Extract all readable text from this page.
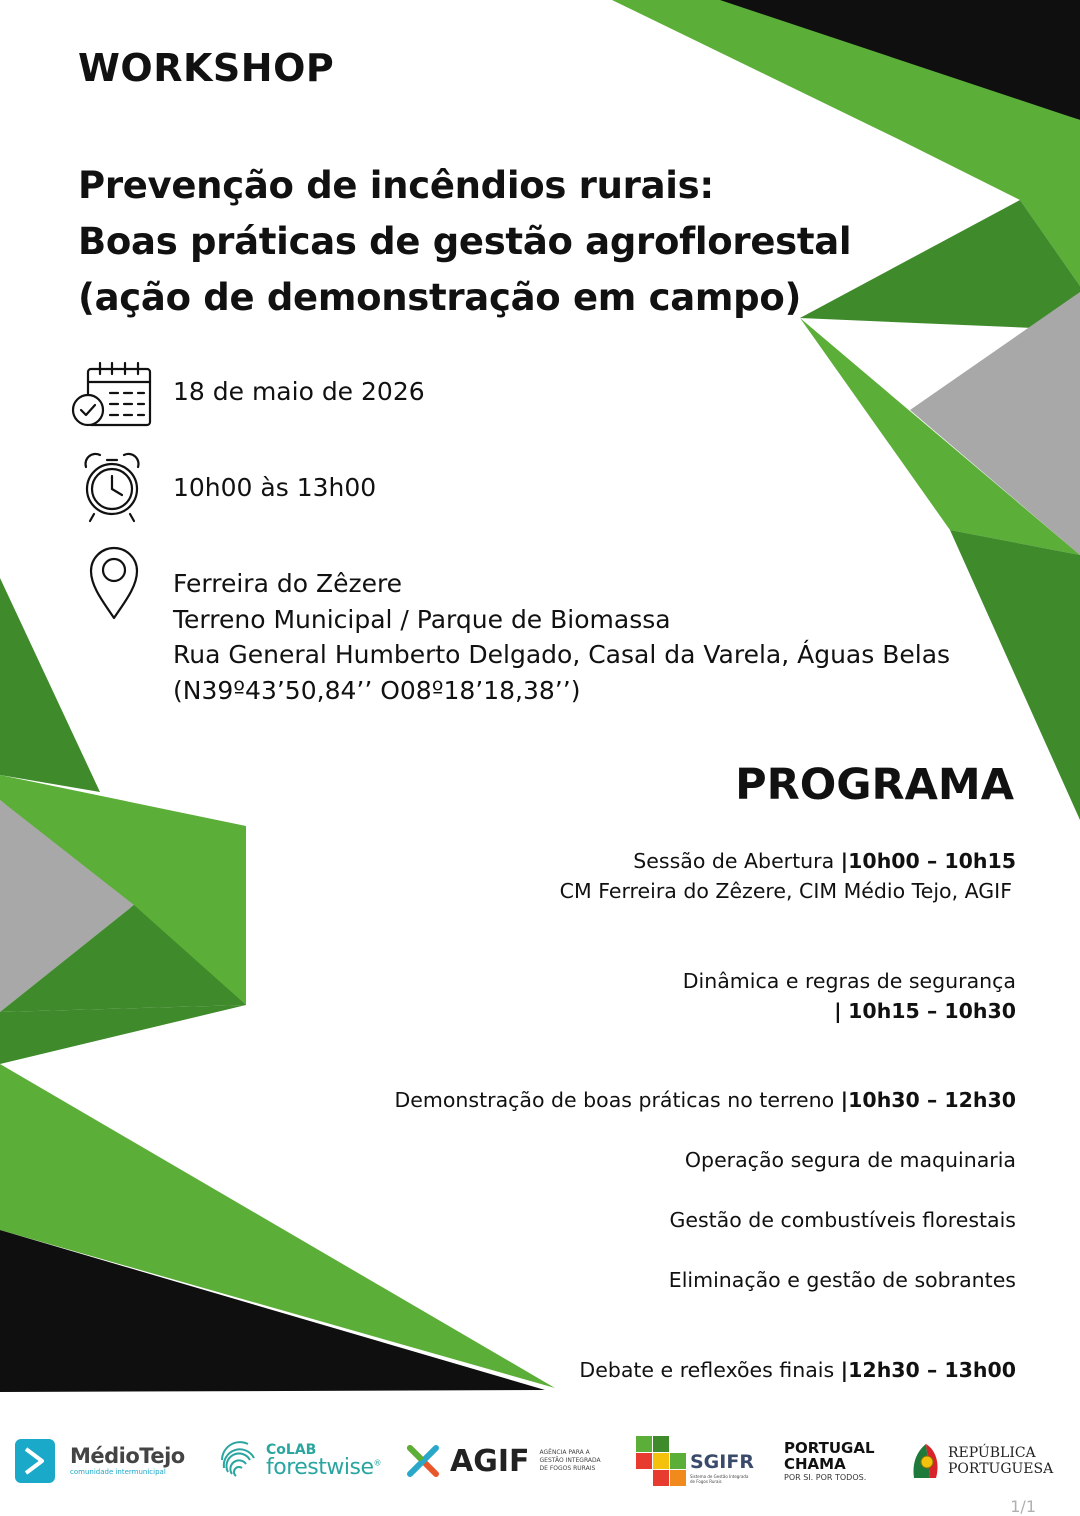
WORKSHOP
Prevenção de incêndios rurais:
Boas práticas de gestão agroflorestal
(ação de demonstração em campo)
18 de maio de 2026
10h00 às 13h00
Ferreira do Zêzere
Terreno Municipal / Parque de Biomassa
Rua General Humberto Delgado, Casal da Varela, Águas Belas
(N39º43’50,84’’ O08º18’18,38’’)
PROGRAMA
Sessão de Abertura |10h00 – 10h15
CM Ferreira do Zêzere, CIM Médio Tejo, AGIF
Dinâmica e regras de segurança
| 10h15 – 10h30
Demonstração de boas práticas no terreno |10h30 – 12h30
Operação segura de maquinaria
Gestão de combustíveis florestais
Eliminação e gestão de sobrantes
Debate e reflexões finais |12h30 – 13h00
MédioTejo
comunidade intermunicipal
CoLAB
forestwise® AGIF AGÊNCIA PARA A
GESTÃO INTEGRADA
DE FOGOS RURAIS	SGIFR
Sistema de Gestão Integrada de Fogos Rurais
PORTUGAL
CHAMA
POR SI. POR TODOS.
REPÚBLICA
PORTUGUESA
1/1
